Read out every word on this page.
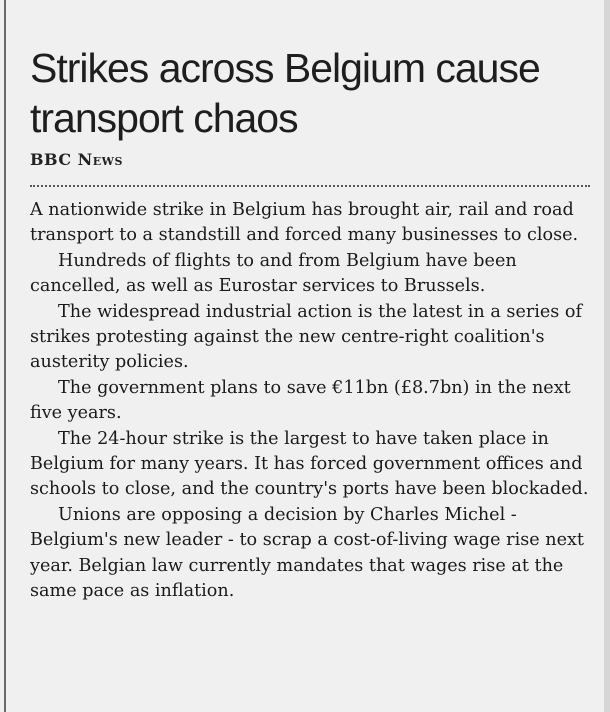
Strikes across Belgium cause transport chaos
BBC News

A nationwide strike in Belgium has brought air, rail and road transport to a standstill and forced many businesses to close.

Hundreds of flights to and from Belgium have been cancelled, as well as Eurostar services to Brussels.

The widespread industrial action is the latest in a series of strikes protesting against the new centre-right coalition's austerity policies.

The government plans to save €11bn (£8.7bn) in the next five years.

The 24-hour strike is the largest to have taken place in Belgium for many years. It has forced government offices and schools to close, and the country's ports have been blockaded.

Unions are opposing a decision by Charles Michel - Belgium's new leader - to scrap a cost-of-living wage rise next year. Belgian law currently mandates that wages rise at the same pace as inflation.
